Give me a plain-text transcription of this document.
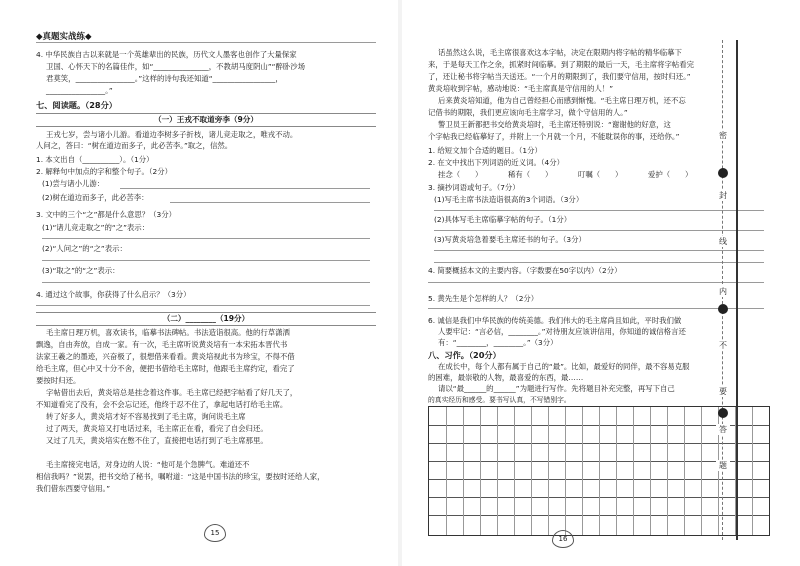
◆真题实战练◆
4. 中华民族自古以来就是一个英雄辈出的民族，历代文人墨客也创作了大量保家
卫国、心怀天下的名篇佳作，如“_______________，不教胡马度阴山”“醉卧沙场
君莫笑，________________。”这样的诗句我还知道“_________________，
________________。”
七、阅读题。（28分）
（一）王戎不取道旁李（9分）
王戎七岁，尝与诸小儿游。看道边李树多子折枝，诸儿竞走取之，唯戎不动。
人问之，答曰：“树在道边而多子，此必苦李。”取之，信然。
1. 本文出自（__________）。（1分）
2. 解释句中加点的字和整个句子。（2分）
(1)尝与诸小儿游：
(2)树在道边而多子，此必苦李：
3. 文中的三个“之”都是什么意思？（3分）
(1)“诸儿竞走取之”的“之”表示：
(2)“人问之”的“之”表示：
(3)“取之”的“之”表示：
4. 通过这个故事，你获得了什么启示？（3分）
（二）________（19分）
毛主席日理万机，喜欢读书，临摹书法碑帖。书法造诣很高。他的行草潇洒
飘逸，自由奔放，自成一家。有一次，毛主席听说黄炎培有一本宋拓本晋代书
法家王羲之的墨迹，兴奋极了，很想借来看看。黄炎培视此书为珍宝，不得不借
给毛主席，但心中又十分不舍，便把书借给毛主席时，他跟毛主席约定，看完了
要按时归还。
字帖借出去后，黄炎培总是挂念着这件事。毛主席已经把字帖看了好几天了，
不知道看完了没有，会不会忘记还，他终于忍不住了，拿起电话打给毛主席。
转了好多人，黄炎培才好不容易找到了毛主席，询问说毛主席
过了两天，黄炎培又打电话过来，毛主席正在看，看完了自会归还。
又过了几天，黄炎培实在憋不住了，直接把电话打到了毛主席那里。
毛主席接完电话，对身边的人说：“他可是个急脾气。难道还不
相信我吗？”说罢，把书交给了秘书，嘱咐道：“这是中国书法的珍宝，要按时还给人家，
我们借东西要守信用。”
15
话虽然这么说，毛主席很喜欢这本字帖，决定在限期内将字帖的精华临摹下
来，于是每天工作之余，抓紧时间临摹。到了期限的最后一天，毛主席将字帖看完
了，还让秘书将字帖当天送还。“一个月的期限到了，我们要守信用，按时归还。”
黄炎培收到字帖，感动地说：“毛主席真是守信用的人！”
后来黄炎培知道，他为自己曾经担心而感到惭愧。“毛主席日理万机，还不忘
记借书的期限，我们更应该向毛主席学习，做个守信用的人。”
警卫员王新都把书交给黄炎培时，毛主席还特别说：“谢谢他的好意，这
个字帖我已经临摹好了，并附上一个月就一个月，不能耽误你的事，还给你。”
1. 给短文加个合适的题目。（1分）
2. 在文中找出下列词语的近义词。（4分）
挂念（　　）	稀有（　　）	叮嘱（　　）	爱护（　　）
3. 摘抄词语或句子。（7分）
(1)写毛主席书法造诣很高的3个词语。（3分）
(2)具体写毛主席临摹字帖的句子。（1分）
(3)写黄炎培急着要毛主席还书的句子。（3分）
4. 简要概括本文的主要内容。（字数要在50字以内）（2分）
5. 黄先生是个怎样的人？（2分）
6. 诚信是我们中华民族的传统美德。我们伟大的毛主席尚且如此，平时我们做
人要牢记：“言必信，________。”对待朋友应该讲信用，你知道的诚信格言还
有：“________，________。”（3分）
八、习作。（20分）
在成长中，每个人都有属于自己的“最”。比如，最爱好的同伴，最不容易克服
的困难，最崇敬的人物，最喜爱的东西，最……
请以“最______的______”为题进行写作。先将题目补充完整，再写下自己
的真实经历和感受。要书写认真，不写错别字。
16
密
封
线
内
不
要
答
题
